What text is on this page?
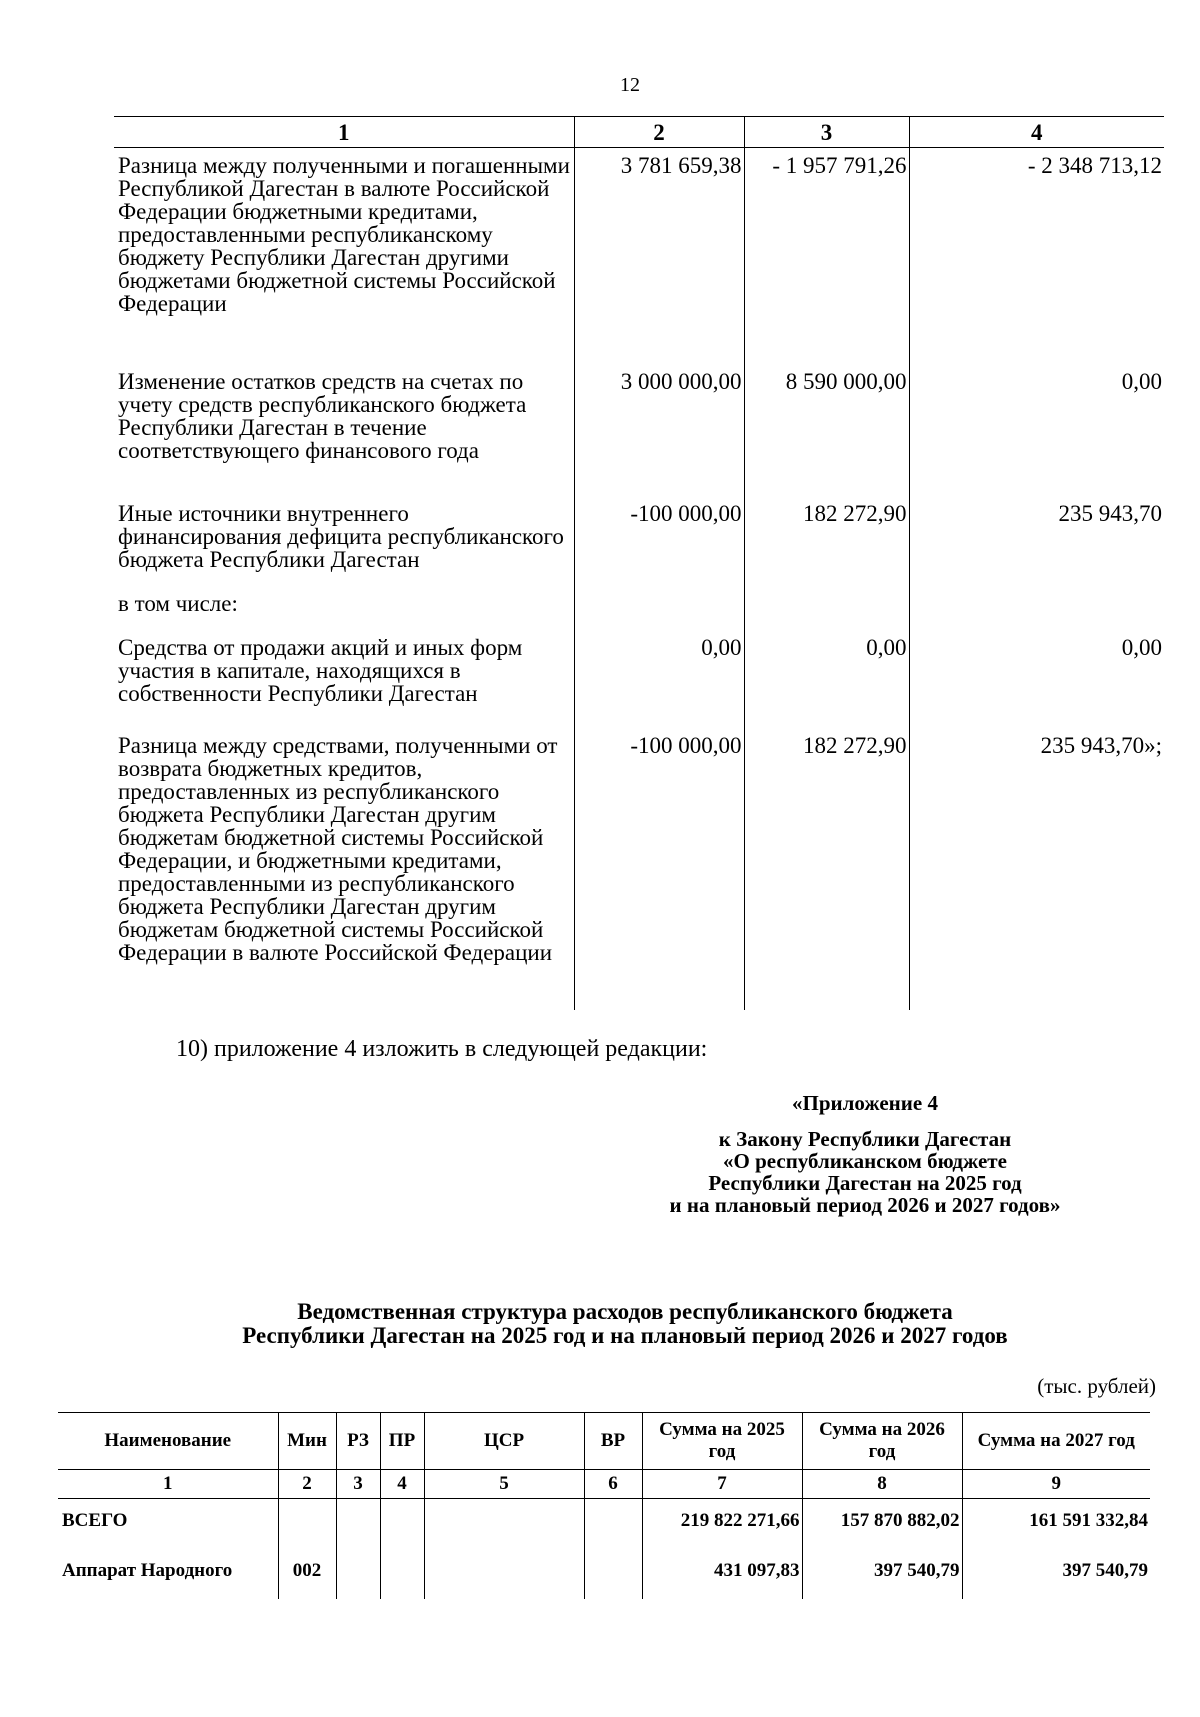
12
1	2	3	4
Разница между полученными и погашенными Республикой Дагестан в валюте Российской Федерации бюджетными кредитами, предоставленными республиканскому бюджету Республики Дагестан другими бюджетами бюджетной системы Российской Федерации	3 781 659,38	- 1 957 791,26	- 2 348 713,12
Изменение остатков средств на счетах по учету средств республиканского бюджета Республики Дагестан в течение соответствующего финансового года	3 000 000,00	8 590 000,00	0,00
Иные источники внутреннего финансирования дефицита республиканского бюджета Республики Дагестан	-100 000,00	182 272,90	235 943,70
в том числе:			
Средства от продажи акций и иных форм участия в капитале, находящихся в собственности Республики Дагестан	0,00	0,00	0,00
Разница между средствами, полученными от возврата бюджетных кредитов, предоставленных из республиканского бюджета Республики Дагестан другим бюджетам бюджетной системы Российской Федерации, и бюджетными кредитами, предоставленными из республиканского бюджета Республики Дагестан другим бюджетам бюджетной системы Российской Федерации в валюте Российской Федерации	-100 000,00	182 272,90	235 943,70»;
10) приложение 4 изложить в следующей редакции:
«Приложение 4
к Закону Республики Дагестан
«О республиканском бюджете
Республики Дагестан на 2025 год
и на плановый период 2026 и 2027 годов»
Ведомственная структура расходов республиканского бюджета
Республики Дагестан на 2025 год и на плановый период 2026 и 2027 годов
(тыс. рублей)
Наименование	Мин	РЗ	ПР	ЦСР	ВР	Сумма на 2025 год	Сумма на 2026 год	Сумма на 2027 год
1	2	3	4	5	6	7	8	9
ВСЕГО						219 822 271,66	157 870 882,02	161 591 332,84
Аппарат Народного	002					431 097,83	397 540,79	397 540,79
